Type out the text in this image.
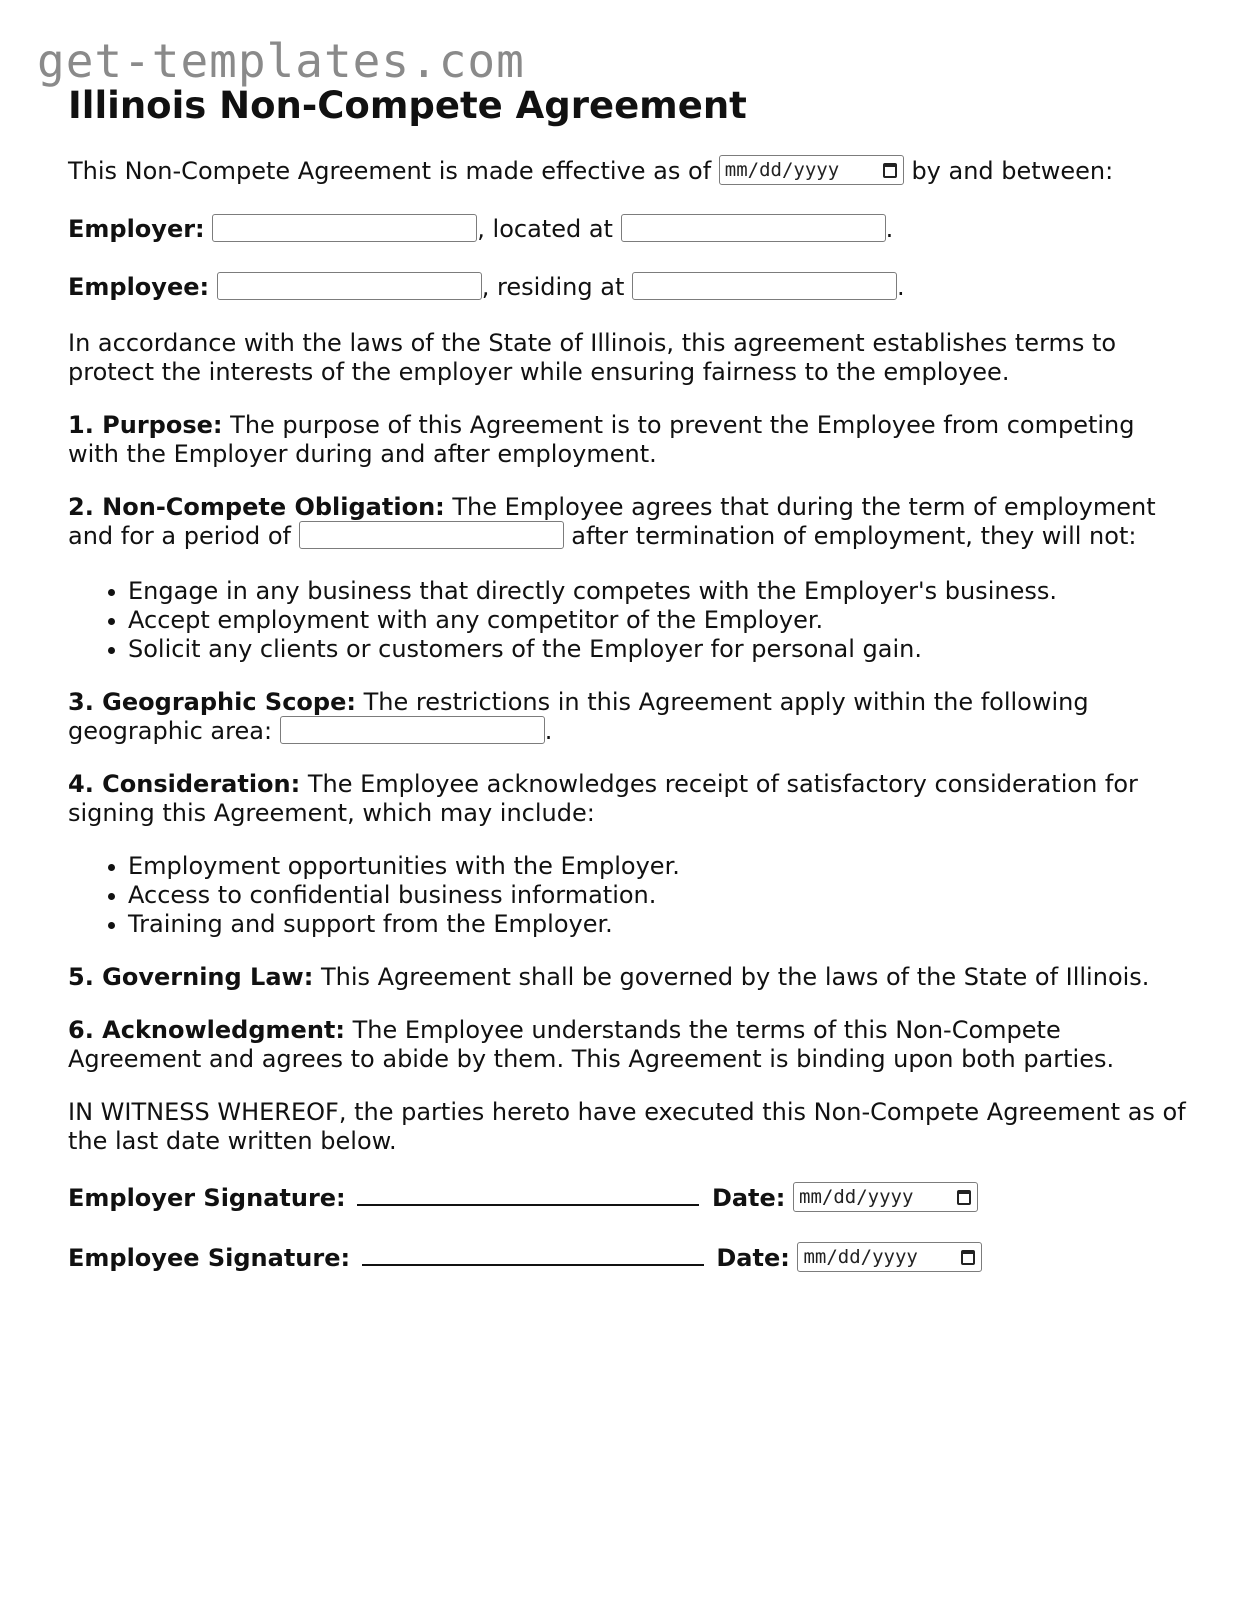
get-templates.com
Illinois Non-Compete Agreement
This Non-Compete Agreement is made effective as of mm/dd/yyyy	by and between:
Employer:	, located at	.
Employee:	, residing at	.

In accordance with the laws of the State of Illinois, this agreement establishes terms to protect the interests of the employer while ensuring fairness to the employee.

1. Purpose: The purpose of this Agreement is to prevent the Employee from competing with the Employer during and after employment.

2. Non-Compete Obligation: The Employee agrees that during the term of employment and for a period of	after termination of employment, they will not:

Engage in any business that directly competes with the Employer's business.
Accept employment with any competitor of the Employer.
Solicit any clients or customers of the Employer for personal gain.

3. Geographic Scope: The restrictions in this Agreement apply within the following geographic area:	.

4. Consideration: The Employee acknowledges receipt of satisfactory consideration for signing this Agreement, which may include:

Employment opportunities with the Employer.
Access to confidential business information.
Training and support from the Employer.

5. Governing Law: This Agreement shall be governed by the laws of the State of Illinois.

6. Acknowledgment: The Employee understands the terms of this Non-Compete Agreement and agrees to abide by them. This Agreement is binding upon both parties.

IN WITNESS WHEREOF, the parties hereto have executed this Non-Compete Agreement as of the last date written below.

Employer Signature:	Date: mm/dd/yyyy
Employee Signature:	Date: mm/dd/yyyy
